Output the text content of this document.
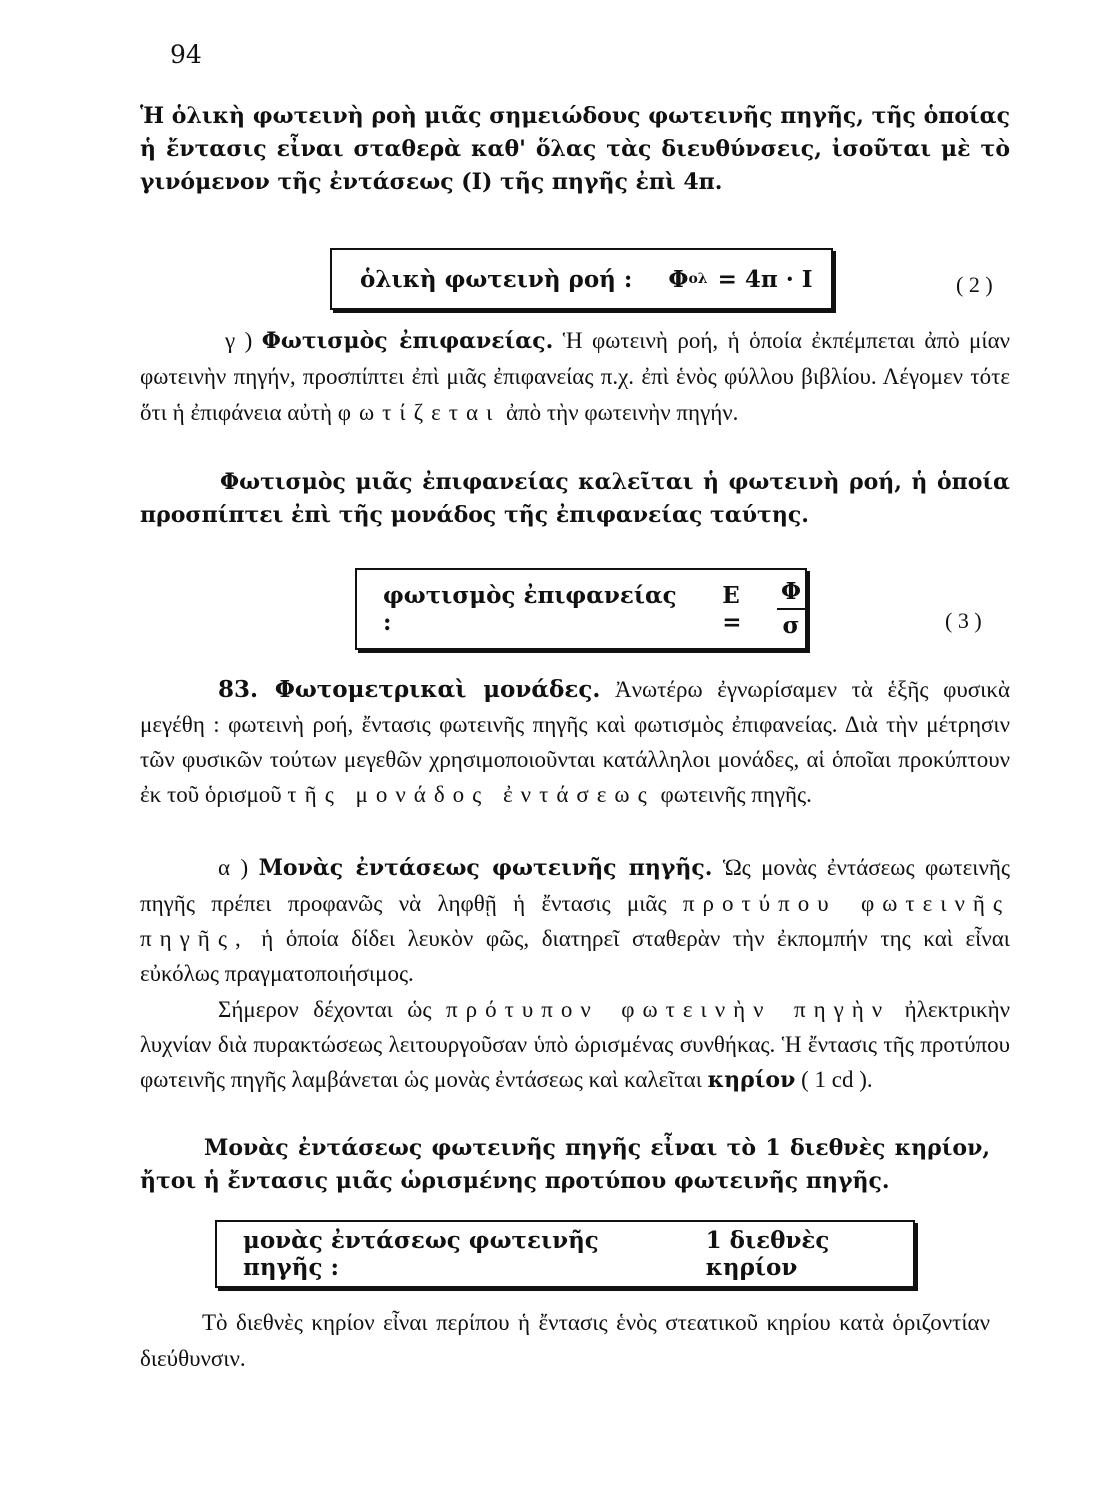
94

Ἡ ὁλικὴ φωτεινὴ ροὴ μιᾶς σημειώδους φωτεινῆς πηγῆς, τῆς ὁποίας ἡ ἔντασις εἶναι σταθερὰ καθ' ὅλας τὰς διευθύνσεις, ἰσοῦται μὲ τὸ γινόμενον τῆς ἐντάσεως (I) τῆς πηγῆς ἐπὶ 4π.

ὁλικὴ φωτεινὴ ροή : Φ ολ = 4π · I	( 2 )

γ ) Φωτισμὸς ἐπιφανείας. Ἡ φωτεινὴ ροή, ἡ ὁποία ἐκπέμπεται ἀπὸ μίαν φωτεινὴν πηγήν, προσπίπτει ἐπὶ μιᾶς ἐπιφανείας π.χ. ἐπὶ ἑνὸς φύλλου βιβλίου. Λέγομεν τότε ὅτι ἡ ἐπιφάνεια αὐτὴ φωτίζεται ἀπὸ τὴν φωτεινὴν πηγήν.

Φωτισμὸς μιᾶς ἐπιφανείας καλεῖται ἡ φωτεινὴ ροή, ἡ ὁποία προσπίπτει ἐπὶ τῆς μονάδος τῆς ἐπιφανείας ταύτης.

φωτισμὸς ἐπιφανείας :
E =	$\frac{\Phi}{\sigma}$	( 3 )

83. Φωτομετρικαὶ μονάδες. Ἀνωτέρω ἐγνωρίσαμεν τὰ ἑξῆς φυσικὰ μεγέθη : φωτεινὴ ροή, ἔντασις φωτεινῆς πηγῆς καὶ φωτισμὸς ἐπιφανείας. Διὰ τὴν μέτρησιν τῶν φυσικῶν τούτων μεγεθῶν χρησιμοποιοῦνται κατάλληλοι μονάδες, αἱ ὁποῖαι προκύπτουν ἐκ τοῦ ὁρισμοῦ τῆς μονάδος ἐντάσεως φωτεινῆς πηγῆς.

α ) Μονὰς ἐντάσεως φωτεινῆς πηγῆς. Ὡς μονὰς ἐντάσεως φωτεινῆς πηγῆς πρέπει προφανῶς νὰ ληφθῇ ἡ ἔντασις μιᾶς προτύπου φωτεινῆς πηγῆς, ἡ ὁποία δίδει λευκὸν φῶς, διατηρεῖ σταθερὰν τὴν ἐκπομπήν της καὶ εἶναι εὐκόλως πραγματοποιήσιμος.

Σήμερον δέχονται ὡς πρότυπον φωτεινὴν πηγὴν ἠλεκτρικὴν λυχνίαν διὰ πυρακτώσεως λειτουργοῦσαν ὑπὸ ὡρισμένας συνθήκας. Ἡ ἔντασις τῆς προτύπου φωτεινῆς πηγῆς λαμβάνεται ὡς μονὰς ἐντάσεως καὶ καλεῖται κηρίον ( 1 cd ).

Μονὰς ἐντάσεως φωτεινῆς πηγῆς εἶναι τὸ 1 διεθνὲς κηρίον, ἤτοι ἡ ἔντασις μιᾶς ὡρισμένης προτύπου φωτεινῆς πηγῆς.

μονὰς ἐντάσεως φωτεινῆς πηγῆς :
1 διεθνὲς κηρίον

Τὸ διεθνὲς κηρίον εἶναι περίπου ἡ ἔντασις ἑνὸς στεατικοῦ κηρίου κατὰ ὁριζοντίαν διεύθυνσιν.
